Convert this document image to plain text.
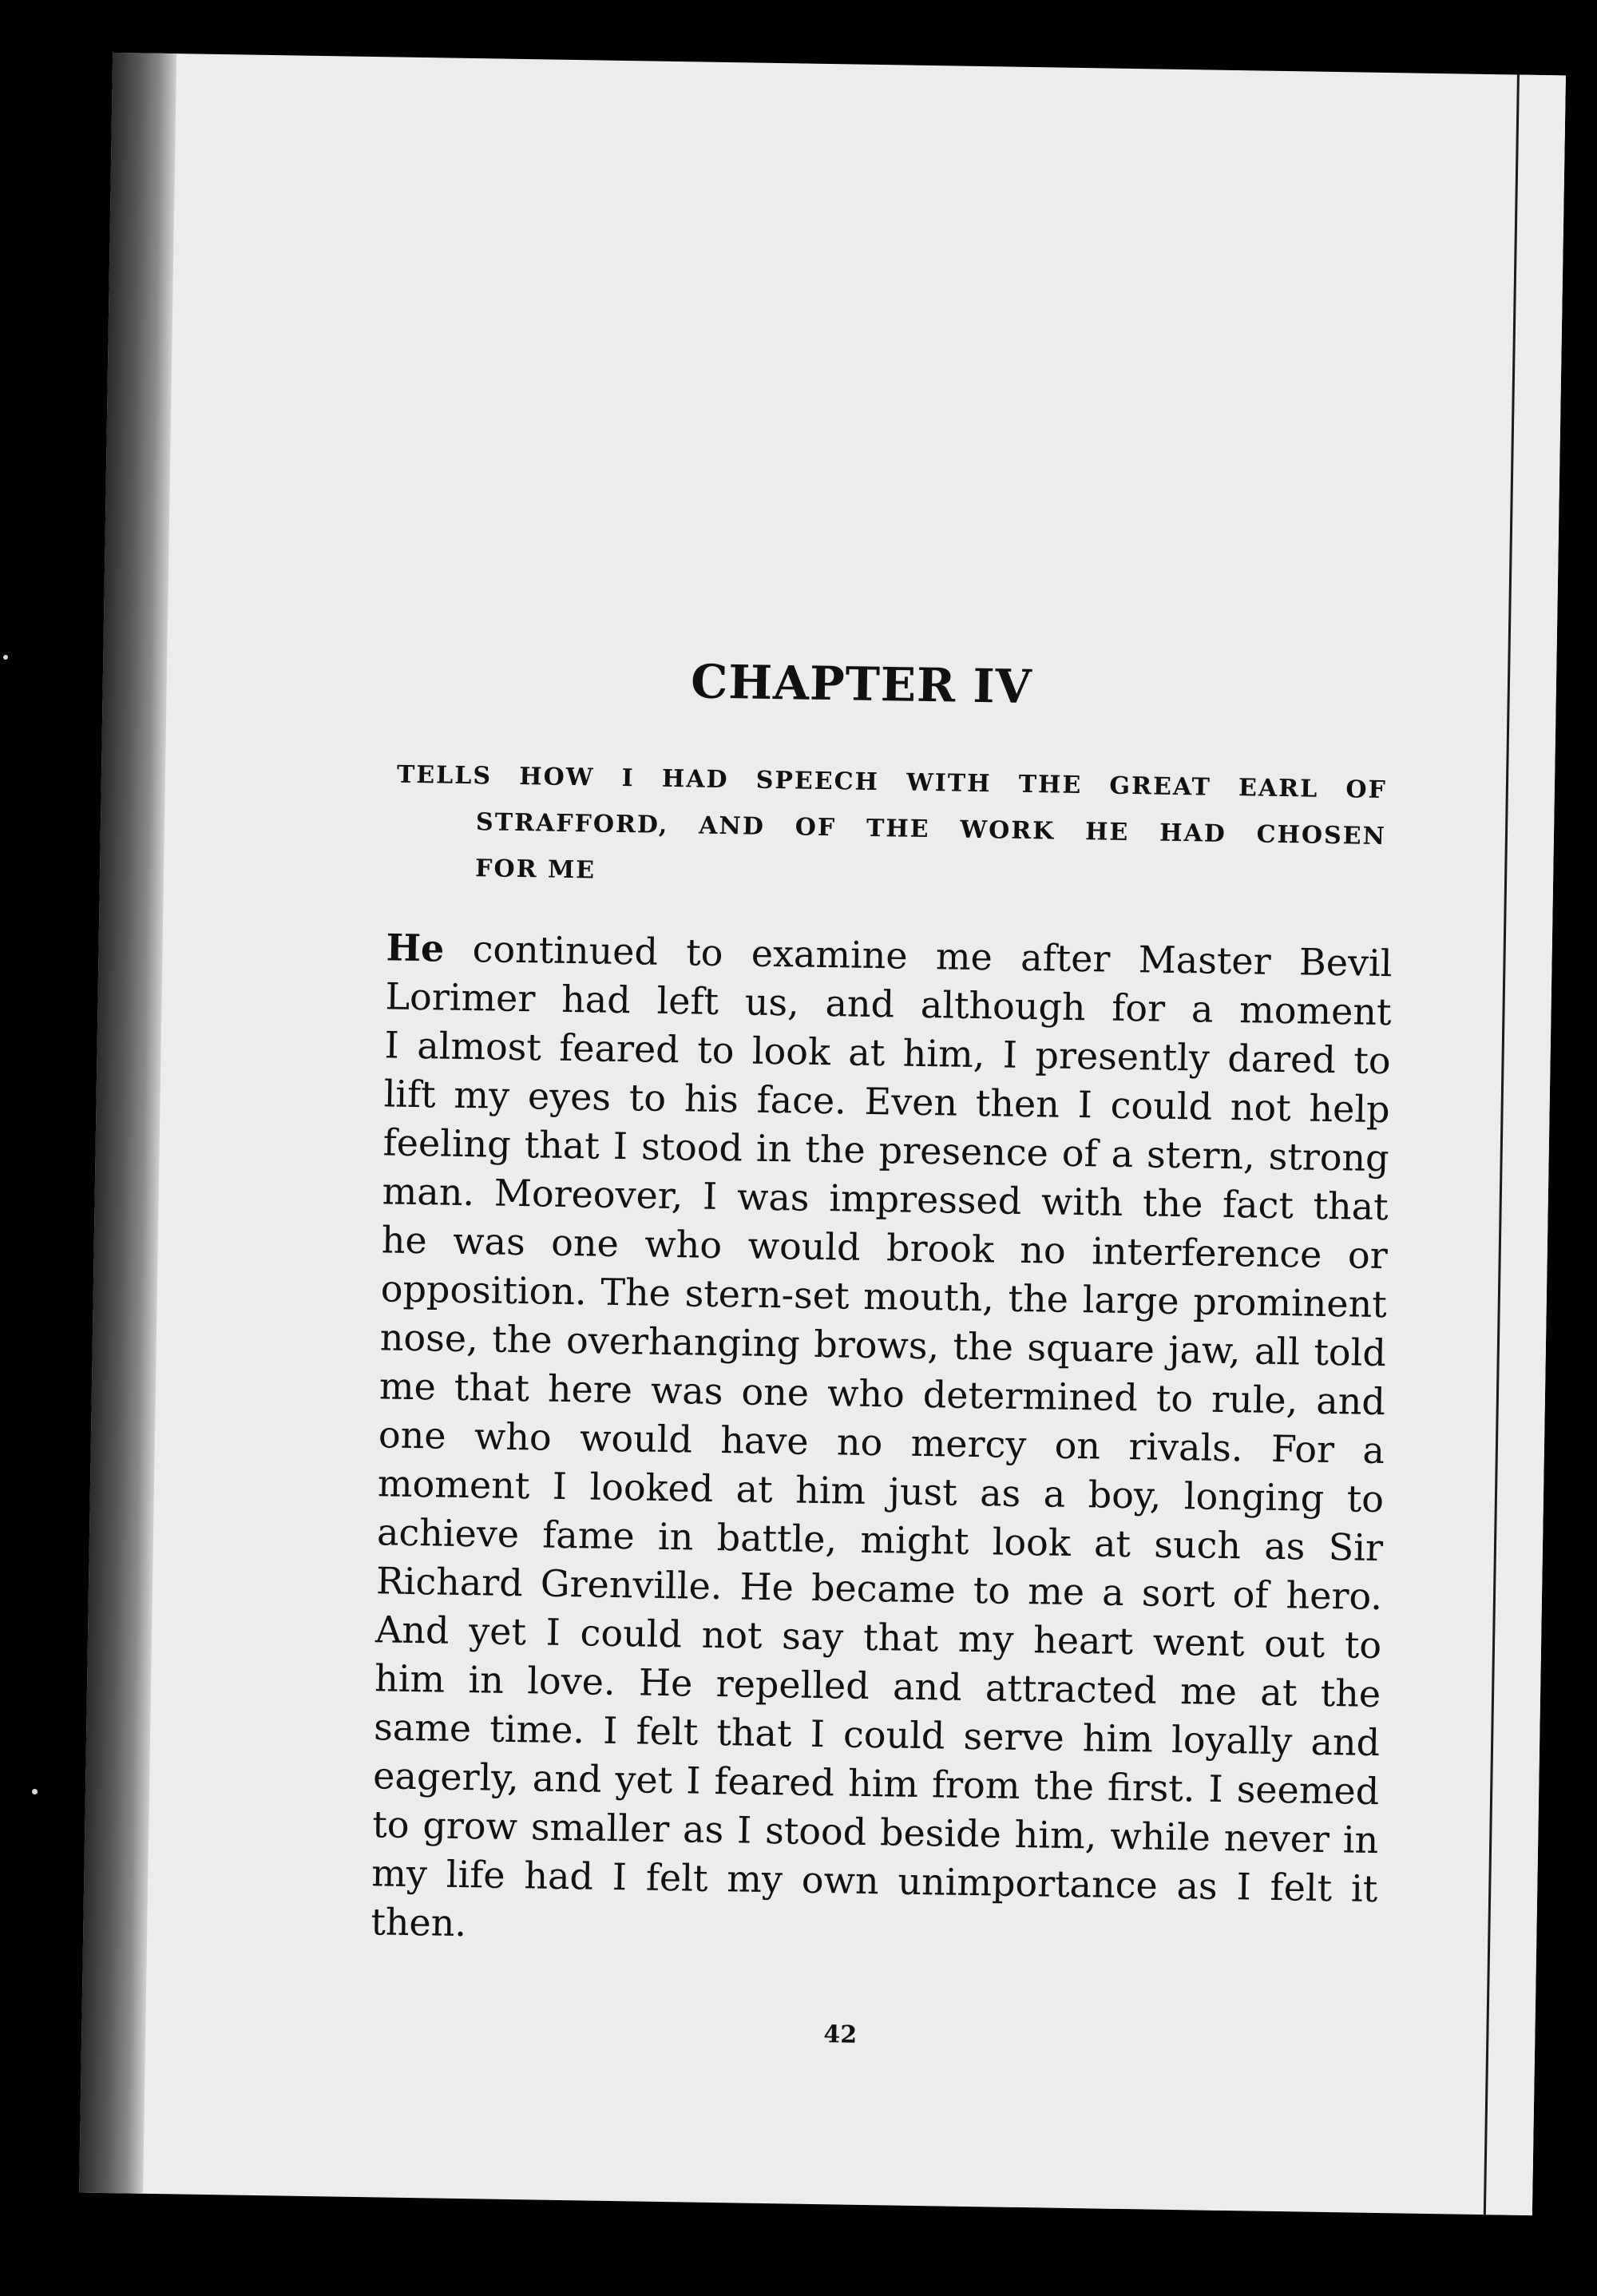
CHAPTER IV
TELLS HOW I HAD SPEECH WITH THE GREAT EARL OF
STRAFFORD, AND OF THE WORK HE HAD CHOSEN
FOR ME
He continued to examine me after Master Bevil
Lorimer had left us, and although for a moment
I almost feared to look at him, I presently dared to
lift my eyes to his face. Even then I could not help
feeling that I stood in the presence of a stern, strong
man. Moreover, I was impressed with the fact that
he was one who would brook no interference or
opposition. The stern-set mouth, the large prominent
nose, the overhanging brows, the square jaw, all told
me that here was one who determined to rule, and
one who would have no mercy on rivals. For a
moment I looked at him just as a boy, longing to
achieve fame in battle, might look at such as Sir
Richard Grenville. He became to me a sort of hero.
And yet I could not say that my heart went out to
him in love. He repelled and attracted me at the
same time. I felt that I could serve him loyally and
eagerly, and yet I feared him from the first. I seemed
to grow smaller as I stood beside him, while never in
my life had I felt my own unimportance as I felt it
then.
42
